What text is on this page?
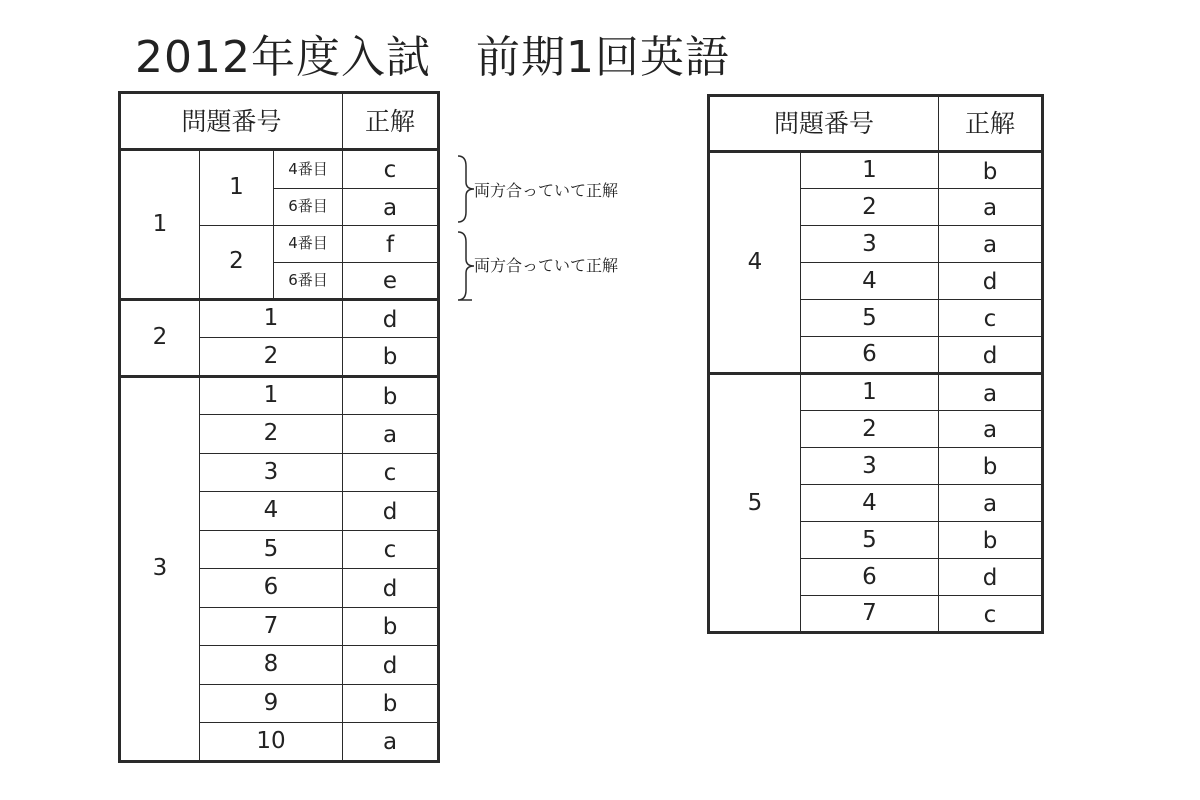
2012年度入試　前期1回英語
問題番号			正解
1	1	4番目	c
		6番目	a
	2	4番目	f
		6番目	e
2	1		d
	2		b
3	1		b
	2		a
	3		c
	4		d
	5		c
	6		d
	7		b
	8		d
	9		b
	10		a
両方合っていて正解
両方合っていて正解
問題番号		正解
4	1	b
	2	a
	3	a
	4	d
	5	c
	6	d
5	1	a
	2	a
	3	b
	4	a
	5	b
	6	d
	7	c
